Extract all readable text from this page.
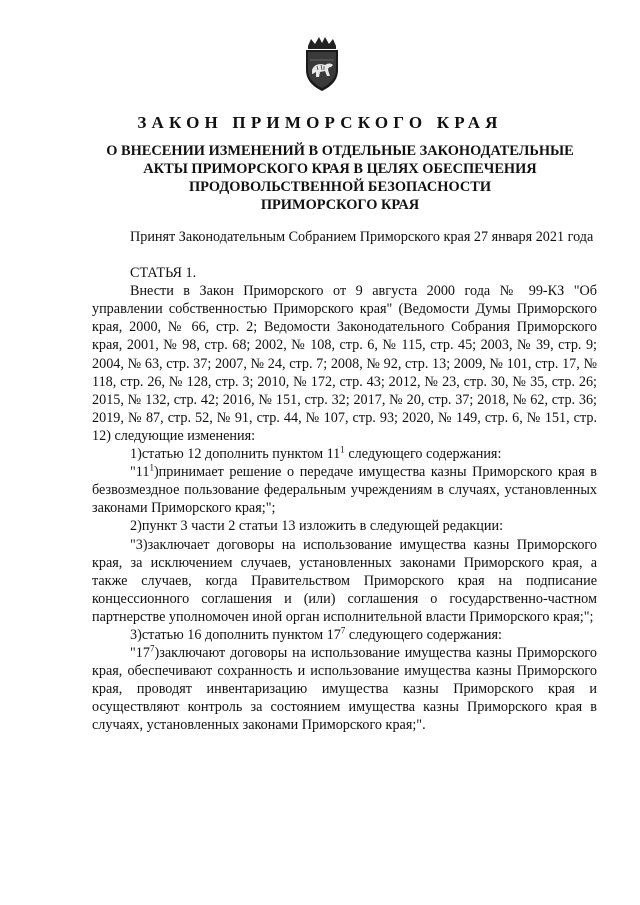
ЗАКОН ПРИМОРСКОГО КРАЯ
О ВНЕСЕНИИ ИЗМЕНЕНИЙ В ОТДЕЛЬНЫЕ ЗАКОНОДАТЕЛЬНЫЕ
АКТЫ ПРИМОРСКОГО КРАЯ В ЦЕЛЯХ ОБЕСПЕЧЕНИЯ
ПРОДОВОЛЬСТВЕННОЙ БЕЗОПАСНОСТИ
ПРИМОРСКОГО КРАЯ

Принят Законодательным Собранием Приморского края 27 января 2021 года

СТАТЬЯ 1.

Внести в Закон Приморского от 9 августа 2000 года № 99-КЗ "Об управлении собственностью Приморского края" (Ведомости Думы Приморского края, 2000, № 66, стр. 2; Ведомости Законодательного Собрания Приморского края, 2001, № 98, стр. 68; 2002, № 108, стр. 6, № 115, стр. 45; 2003, № 39, стр. 9; 2004, № 63, стр. 37; 2007, № 24, стр. 7; 2008, № 92, стр. 13; 2009, № 101, стр. 17, № 118, стр. 26, № 128, стр. 3; 2010, № 172, стр. 43; 2012, № 23, стр. 30, № 35, стр. 26; 2015, № 132, стр. 42; 2016, № 151, стр. 32; 2017, № 20, стр. 37; 2018, № 62, стр. 36; 2019, № 87, стр. 52, № 91, стр. 44, № 107, стр. 93; 2020, № 149, стр. 6, № 151, стр. 12) следующие изменения:

1)статью 12 дополнить пунктом $11^1$ следующего содержания:

"$11^1)принимает$ решение о передаче имущества казны Приморского края в безвозмездное пользование федеральным учреждениям в случаях, установленных законами Приморского края;";

2)пункт 3 части 2 статьи 13 изложить в следующей редакции:

"3)заключает договоры на использование имущества казны Приморского края, за исключением случаев, установленных законами Приморского края, а также случаев, когда Правительством Приморского края на подписание концессионного соглашения и (или) соглашения о государственно-частном партнерстве уполномочен иной орган исполнительной власти Приморского края;";

3)статью 16 дополнить пунктом $17^7$ следующего содержания:

"$17^7)заключают$ договоры на использование имущества казны Приморского края, обеспечивают сохранность и использование имущества казны Приморского края, проводят инвентаризацию имущества казны Приморского края и осуществляют контроль за состоянием имущества казны Приморского края в случаях, установленных законами Приморского края;".
